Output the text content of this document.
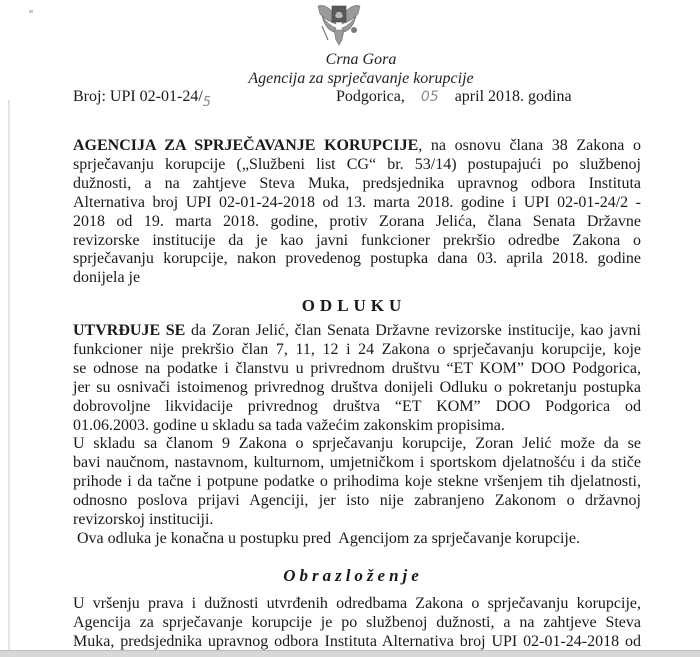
Crna Gora
Agencija za sprječavanje korupcije
Broj: UPI $02-01-24/_5$	Podgorica, 05 april 2018. godina
AGENCIJA ZA SPRJEČAVANJE KORUPCIJE, na osnovu člana 38 Zakona o
sprječavanju korupcije („Službeni list CG“ br. 53/14) postupajući po službenoj
dužnosti, a na zahtjeve Steva Muka, predsjednika upravnog odbora Instituta
Alternativa broj UPI 02-01-24-2018 od 13. marta 2018. godine i UPI 02-01-24/2 -
2018 od 19. marta 2018. godine, protiv Zorana Jelića, člana Senata Državne
revizorske institucije da je kao javni funkcioner prekršio odredbe Zakona o
sprječavanju korupcije, nakon provedenog postupka dana 03. aprila 2018. godine
donijela je
ODLUKU
UTVRĐUJE SE da Zoran Jelić, član Senata Državne revizorske institucije, kao javni
funkcioner nije prekršio član 7, 11, 12 i 24 Zakona o sprječavanju korupcije, koje
se odnose na podatke i članstvu u privrednom društvu “ET KOM” DOO Podgorica,
jer su osnivači istoimenog privrednog društva donijeli Odluku o pokretanju postupka
dobrovoljne likvidacije privrednog društva “ET KOM” DOO Podgorica od
01.06.2003. godine u skladu sa tada važećim zakonskim propisima.
U skladu sa članom 9 Zakona o sprječavanju korupcije, Zoran Jelić može da se
bavi naučnom, nastavnom, kulturnom, umjetničkom i sportskom djelatnošću i da stiče
prihode i da tačne i potpune podatke o prihodima koje stekne vršenjem tih djelatnosti,
odnosno poslova prijavi Agenciji, jer isto nije zabranjeno Zakonom o državnoj
revizorskoj instituciji.
Ova odluka je konačna u postupku pred  Agencijom za sprječavanje korupcije.
Obrazloženje
U vršenju prava i dužnosti utvrđenih odredbama Zakona o sprječavanju korupcije,
Agencija za sprječavanje korupcije je po službenoj dužnosti, a na zahtjeve Steva
Muka, predsjednika upravnog odbora Instituta Alternativa broj UPI 02-01-24-2018 od
